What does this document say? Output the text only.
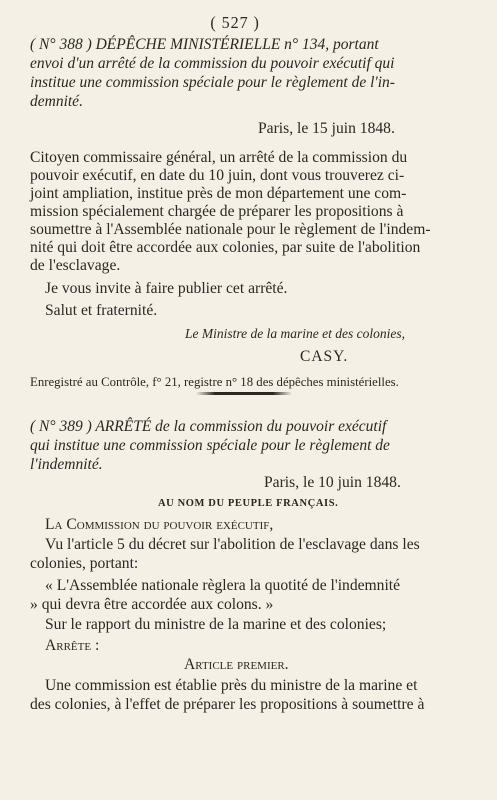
( 527 )
( N° 388 ) DÉPÊCHE MINISTÉRIELLE n° 134, portant
envoi d'un arrêté de la commission du pouvoir exécutif qui
institue une commission spéciale pour le règlement de l'in-
demnité.
Paris, le 15 juin 1848.
Citoyen commissaire général, un arrêté de la commission du
pouvoir exécutif, en date du 10 juin, dont vous trouverez ci-
joint ampliation, institue près de mon département une com-
mission spécialement chargée de préparer les propositions à
soumettre à l'Assemblée nationale pour le règlement de l'indem-
nité qui doit être accordée aux colonies, par suite de l'abolition
de l'esclavage.
Je vous invite à faire publier cet arrêté.
Salut et fraternité.
Le Ministre de la marine et des colonies,
CASY.
Enregistré au Contrôle, f° 21, registre n° 18 des dépêches ministérielles.
( N° 389 ) ARRÊTÉ de la commission du pouvoir exécutif
qui institue une commission spéciale pour le règlement de
l'indemnité.
Paris, le 10 juin 1848.
AU NOM DU PEUPLE FRANÇAIS.
La Commission du pouvoir exécutif,
Vu l'article 5 du décret sur l'abolition de l'esclavage dans les
colonies, portant:
« L'Assemblée nationale règlera la quotité de l'indemnité
» qui devra être accordée aux colons. »
Sur le rapport du ministre de la marine et des colonies;
Arrête :
Article premier.
Une commission est établie près du ministre de la marine et
des colonies, à l'effet de préparer les propositions à soumettre à
